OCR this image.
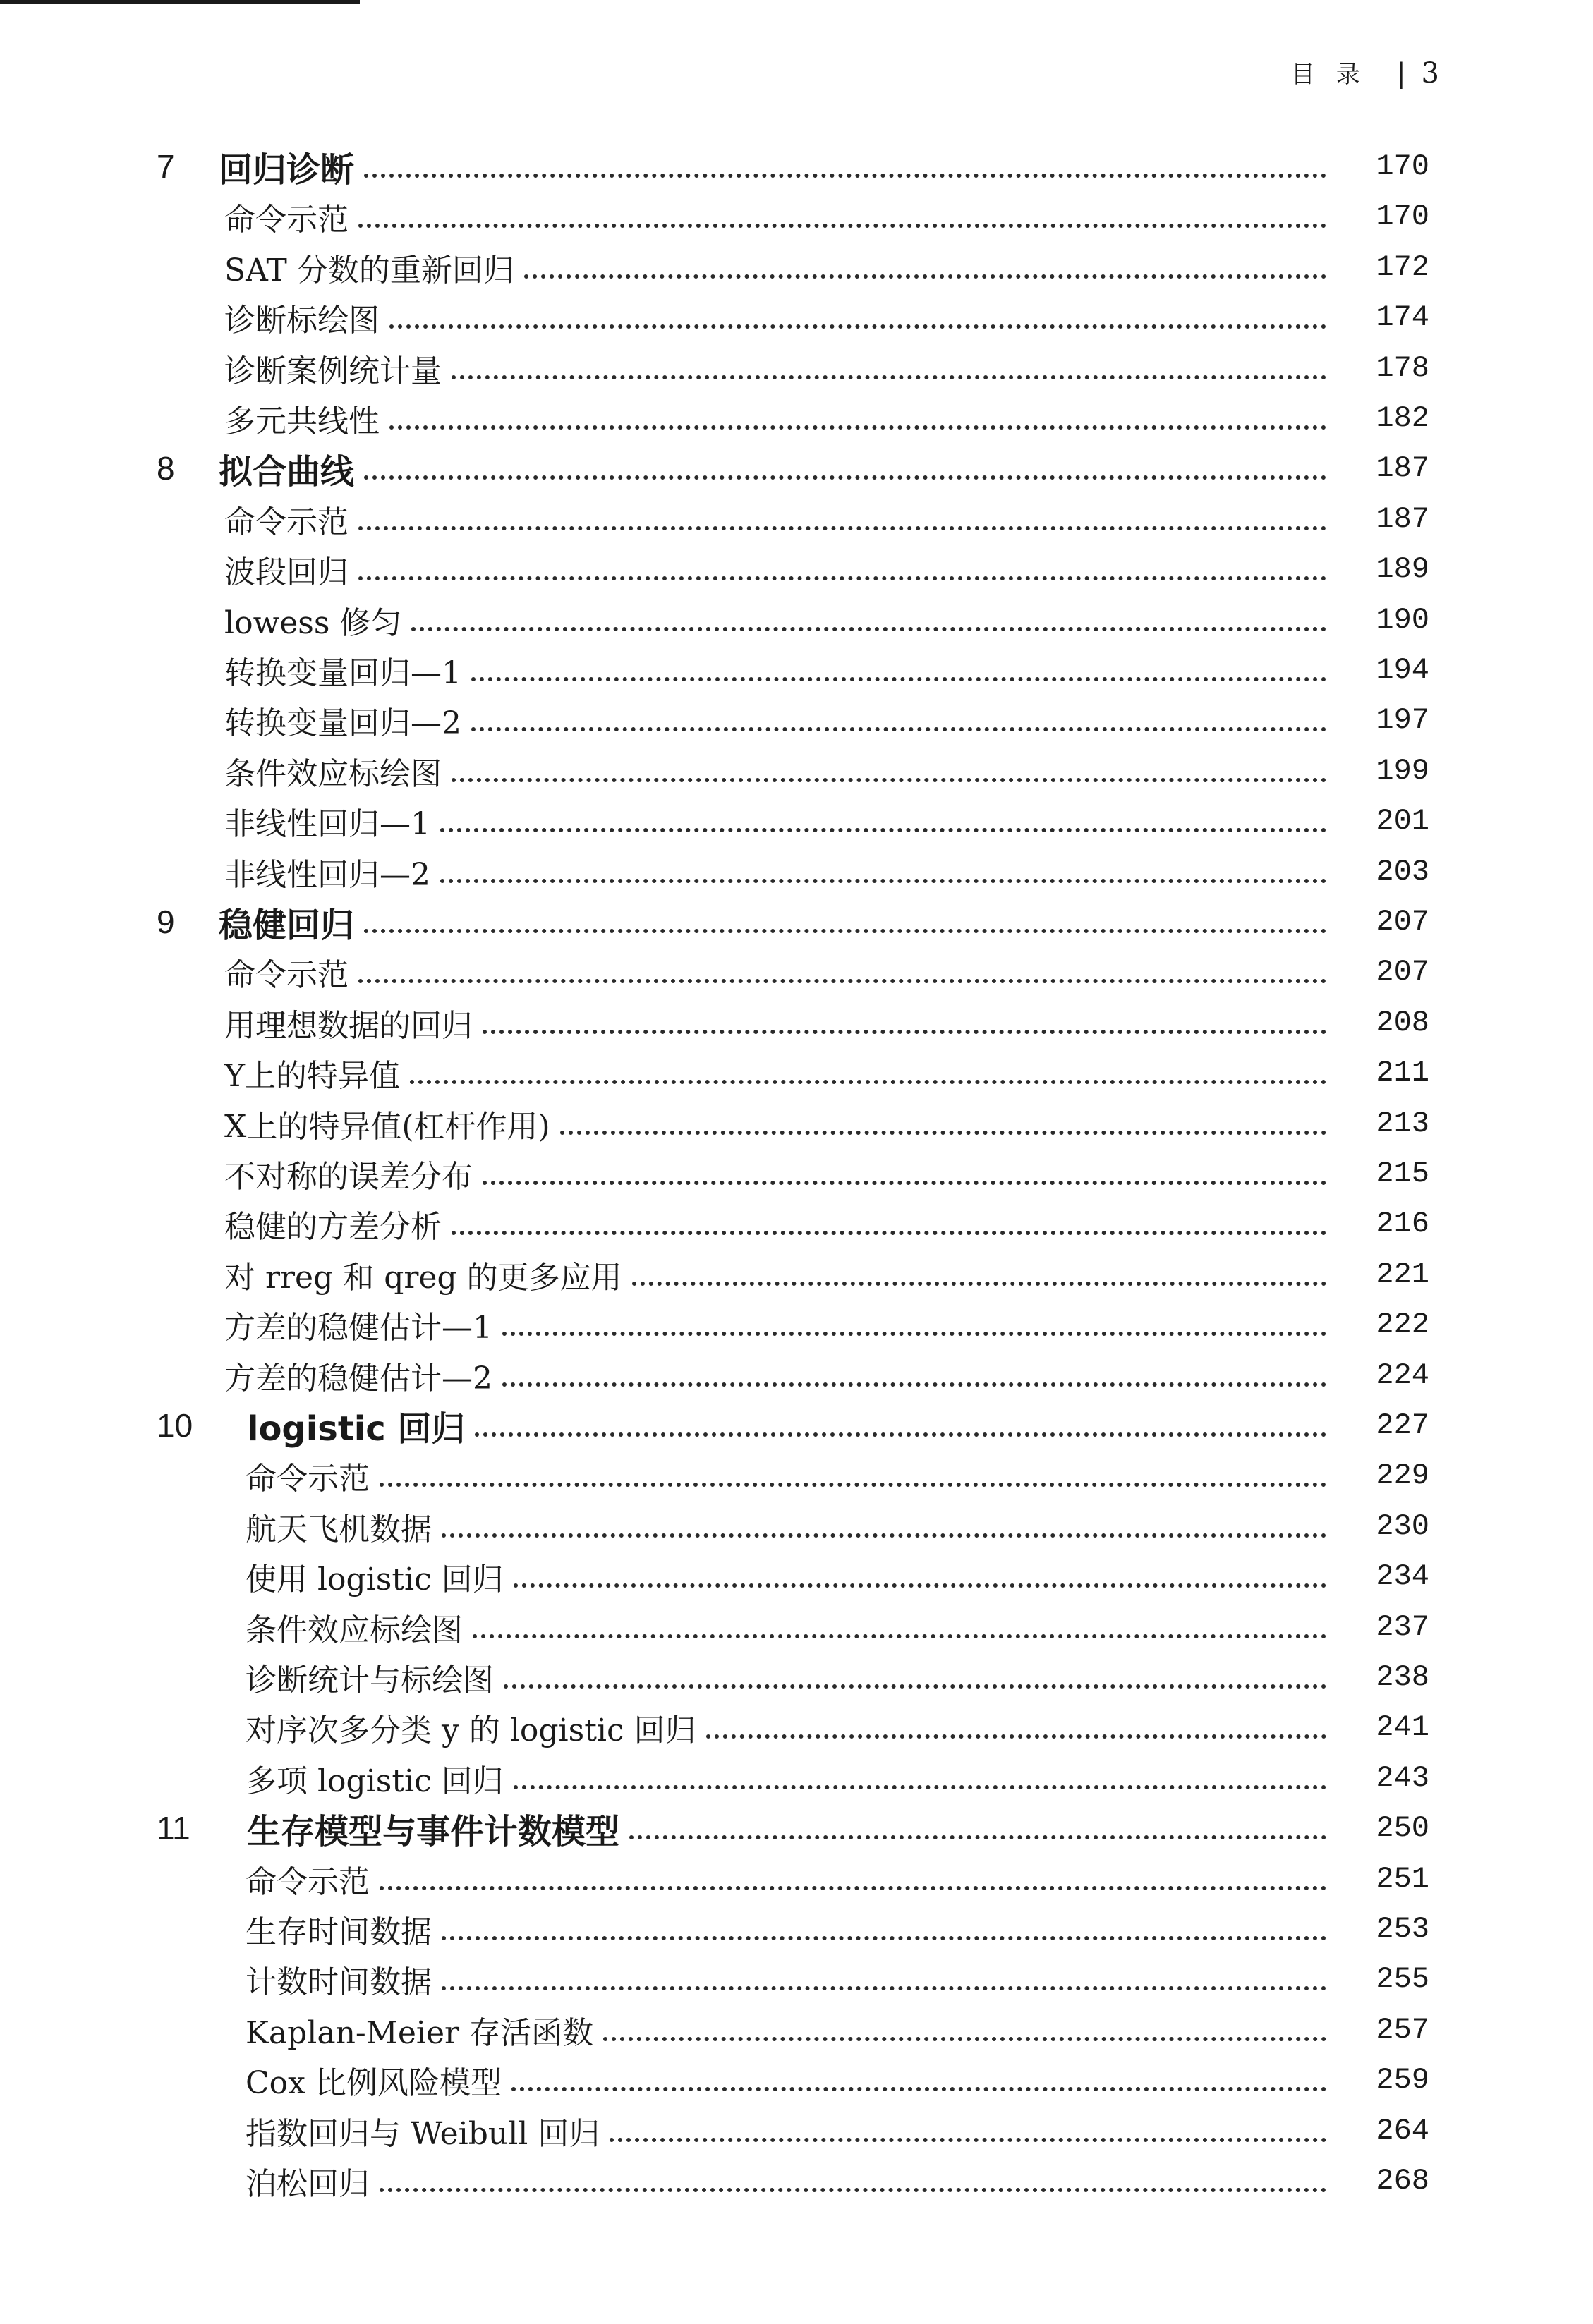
目录 | 3
7 回归诊断	170
命令示范	170
SAT 分数的重新回归	172
诊断标绘图	174
诊断案例统计量	178
多元共线性	182
8 拟合曲线	187
命令示范	187
波段回归	189
lowess 修匀	190
转换变量回归—1	194
转换变量回归—2	197
条件效应标绘图	199
非线性回归—1	201
非线性回归—2	203
9 稳健回归	207
命令示范	207
用理想数据的回归	208
Y上的特异值	211
X上的特异值(杠杆作用)	213
不对称的误差分布	215
稳健的方差分析	216
对 rreg 和 qreg 的更多应用	221
方差的稳健估计—1	222
方差的稳健估计—2	224
10 logistic 回归	227
命令示范	229
航天飞机数据	230
使用 logistic 回归	234
条件效应标绘图	237
诊断统计与标绘图	238
对序次多分类 y 的 logistic 回归	241
多项 logistic 回归	243
11 生存模型与事件计数模型	250
命令示范	251
生存时间数据	253
计数时间数据	255
Kaplan-Meier 存活函数	257
Cox 比例风险模型	259
指数回归与 Weibull 回归	264
泊松回归	268
